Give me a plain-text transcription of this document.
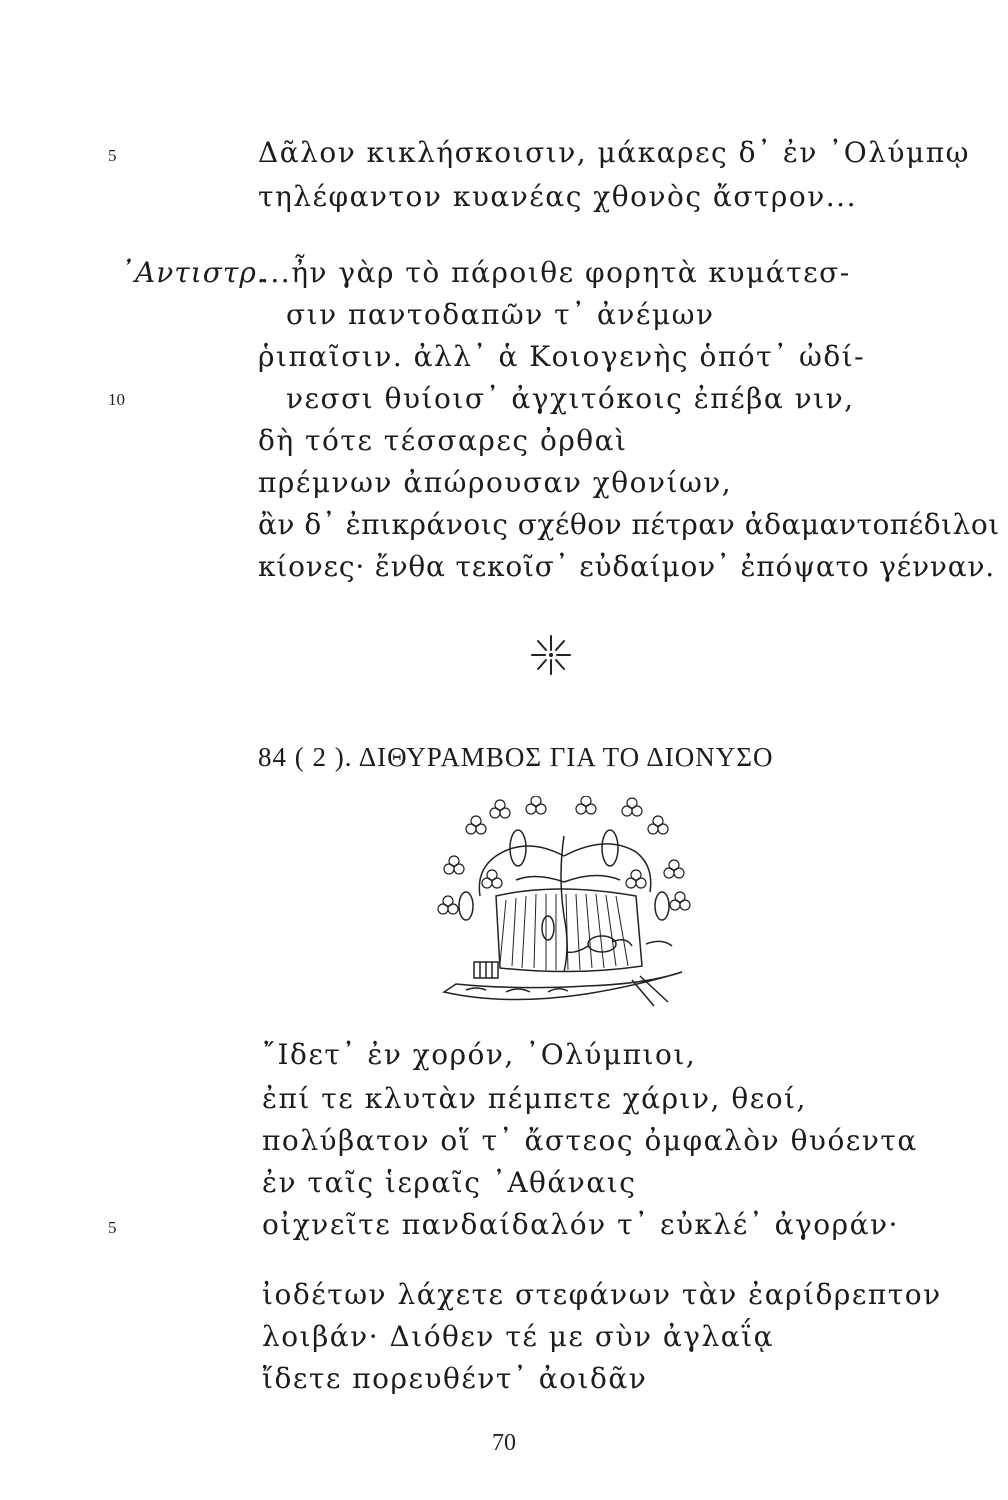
5	Δᾶλον κικλήσκοισιν, μάκαρες δ᾽ ἐν ᾽Ολύμπῳ
τηλέφαντον κυανέας χθονὸς ἄστρον...
᾽Αντιστρ.
...ἦν γὰρ τὸ πάροιθε φορητὰ κυμάτεσ-
σιν παντοδαπῶν τ᾽ ἀνέμων
ῥιπαῖσιν. ἀλλ᾽ ἁ Κοιογενὴς ὁπότ᾽ ὠδί-
10	νεσσι θυίοισ᾽ ἀγχιτόκοις ἐπέβα νιν,
δὴ τότε τέσσαρες ὀρθαὶ
πρέμνων ἀπώρουσαν χθονίων,
ἂν δ᾽ ἐπικράνοις σχέθον πέτραν ἀδαμαντοπέδιλοι
κίονες· ἔνθα τεκοῖσ᾽ εὐδαίμον᾽ ἐπόψατο γένναν.
84 ( 2 ). ΔΙΘΥΡΑΜΒΟΣ ΓΙΑ ΤΟ ΔΙΟΝΥΣΟ
῎Ιδετ᾽ ἐν χορόν, ᾽Ολύμπιοι,
ἐπί τε κλυτὰν πέμπετε χάριν, θεοί,
πολύβατον οἵ τ᾽ ἄστεος ὀμφαλὸν θυόεντα
ἐν ταῖς ἱεραῖς ᾽Αθάναις
5	οἰχνεῖτε πανδαίδαλόν τ᾽ εὐκλέ᾽ ἀγοράν·
ἰοδέτων λάχετε στεφάνων τὰν ἐαρίδρεπτον
λοιβάν· Διόθεν τέ με σὺν ἀγλαΐᾳ
ἴδετε πορευθέντ᾽ ἀοιδᾶν
70
